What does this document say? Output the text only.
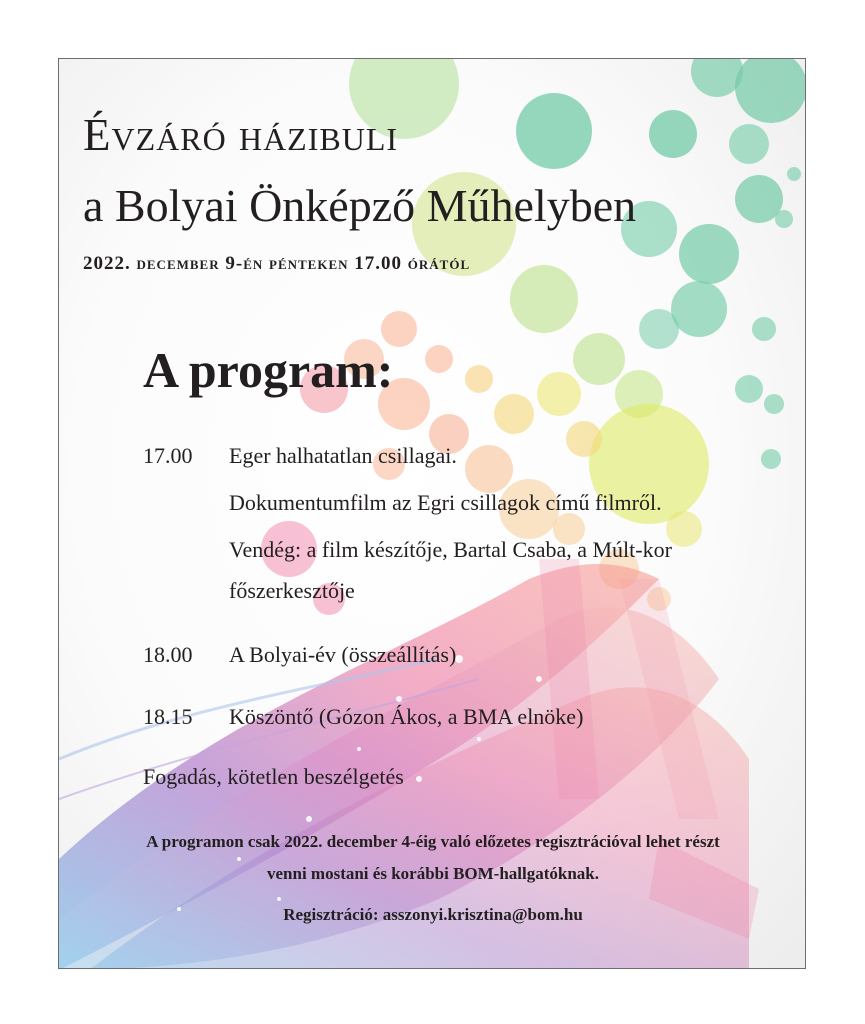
Évzáró házibuli
a Bolyai Önképző Műhelyben

2022. december 9-én pénteken 17.00 órától

A program:
17.00 Eger halhatatlan csillagai.
Dokumentumfilm az Egri csillagok című filmről.
Vendég: a film készítője, Bartal Csaba, a Múlt-kor
főszerkesztője
18.00 A Bolyai-év (összeállítás)
18.15 Köszöntő (Gózon Ákos, a BMA elnöke)
Fogadás, kötetlen beszélgetés

A programon csak 2022. december 4-éig való előzetes regisztrációval lehet részt

venni mostani és korábbi BOM-hallgatóknak.

Regisztráció: asszonyi.krisztina@bom.hu
